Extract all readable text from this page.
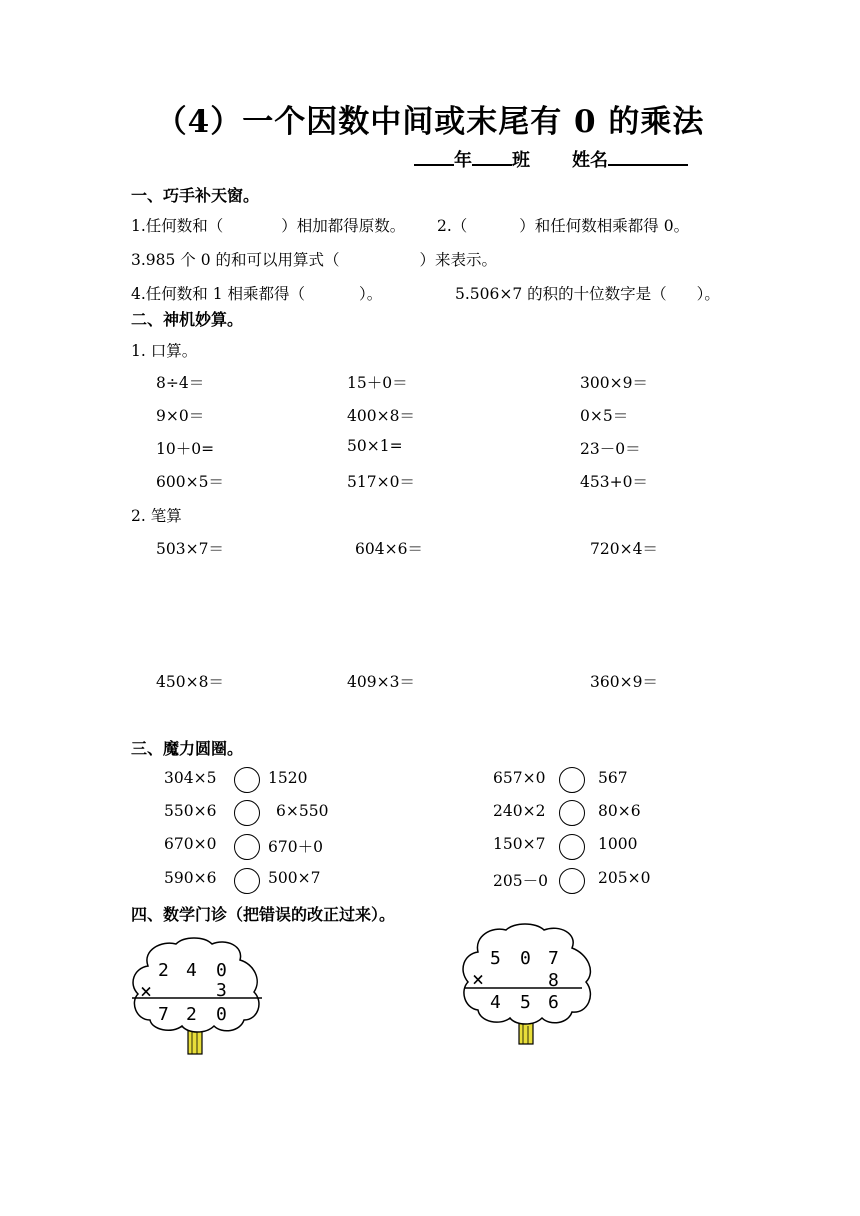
（4）一个因数中间或末尾有 0 的乘法
年 班 姓名
一、巧手补天窗。
1.任何数和（	）相加都得原数。 2.（	）和任何数相乘都得 0。
3.985 个 0 的和可以用算式（	）来表示。
4.任何数和 1 相乘都得（	）。	5.506×7 的积的十位数字是（ ）。
二、神机妙算。
1. 口算。
8÷4＝	15＋0＝	300×9＝
9×0＝	400×8＝	0×5＝
10＋0=	50×1=	23－0＝
600×5＝	517×0＝	453+0＝
2. 笔算
503×7＝	604×6＝	720×4＝
450×8＝	409×3＝	360×9＝
三、魔力圆圈。
304×5	1520
550×6	6×550
670×0	670＋0
590×6	500×7
657×0	567
240×2	80×6
150×7	1000
205－0	205×0
四、数学门诊（把错误的改正过来）。
2 4 0
×	3
7 2 0
5 0 7
×	8
4 5 6
